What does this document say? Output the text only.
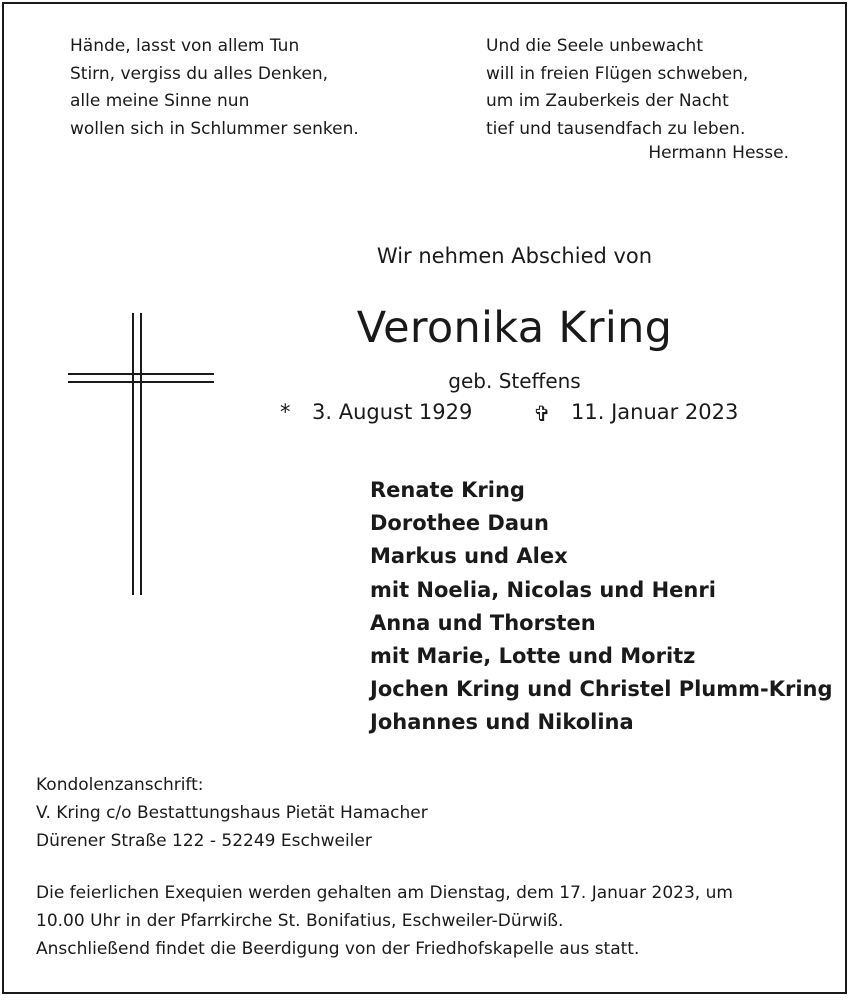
Hände, lasst von allem Tun
Stirn, vergiss du alles Denken,
alle meine Sinne nun
wollen sich in Schlummer senken.
Und die Seele unbewacht
will in freien Flügen schweben,
um im Zauberkeis der Nacht
tief und tausendfach zu leben.
Hermann Hesse.
Wir nehmen Abschied von
Veronika Kring
geb. Steffens
* 3. August 1929	✞ 11. Januar 2023
Renate Kring
Dorothee Daun
Markus und Alex
mit Noelia, Nicolas und Henri
Anna und Thorsten
mit Marie, Lotte und Moritz
Jochen Kring und Christel Plumm-Kring
Johannes und Nikolina
Kondolenzanschrift:
V. Kring c/o Bestattungshaus Pietät Hamacher
Dürener Straße 122 - 52249 Eschweiler
Die feierlichen Exequien werden gehalten am Dienstag, dem 17. Januar 2023, um
10.00 Uhr in der Pfarrkirche St. Bonifatius, Eschweiler-Dürwiß.
Anschließend findet die Beerdigung von der Friedhofskapelle aus statt.
